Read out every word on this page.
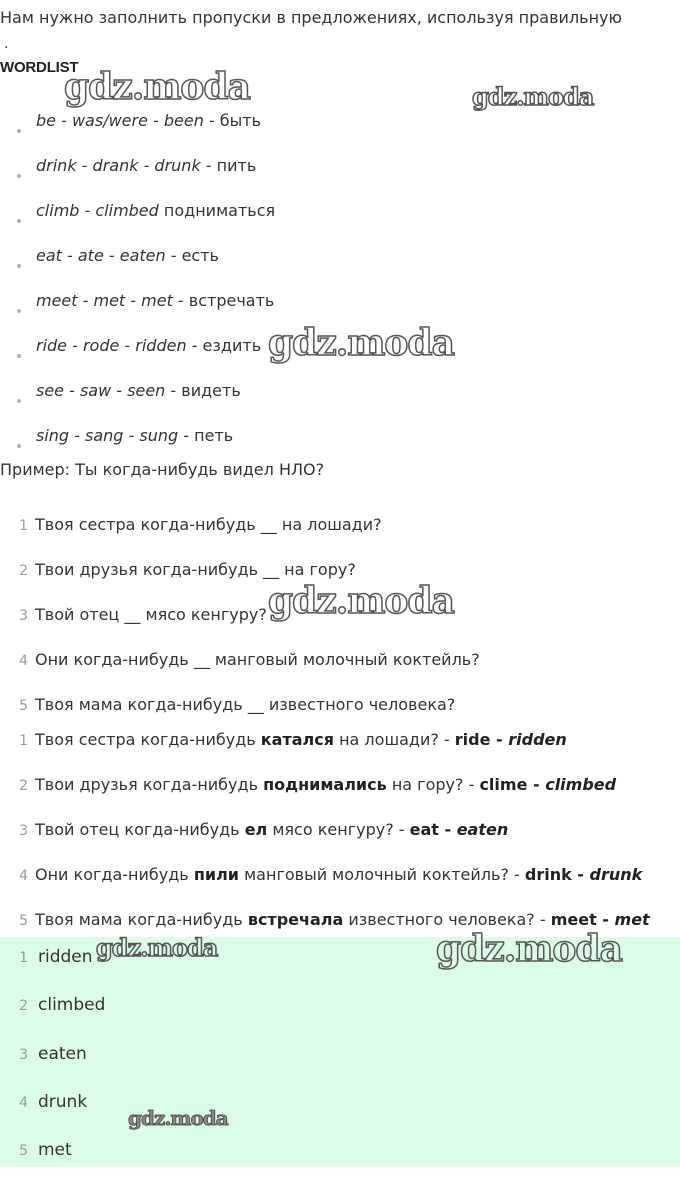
Нам нужно заполнить пропуски в предложениях, используя правильную
.
WORDLIST
be - was/were - been - быть
drink - drank - drunk - пить
climb - climbed подниматься
eat - ate - eaten - есть
meet - met - met - встречать
ride - rode - ridden - ездить
see - saw - seen - видеть
sing - sang - sung - петь
Пример: Ты когда-нибудь видел НЛО?
1 Твоя сестра когда-нибудь __ на лошади?
2 Твои друзья когда-нибудь __ на гору?
3 Твой отец __ мясо кенгуру?
4 Они когда-нибудь __ манговый молочный коктейль?
5 Твоя мама когда-нибудь __ известного человека?
1 Твоя сестра когда-нибудь катался на лошади? - ride - ridden
2 Твои друзья когда-нибудь поднимались на гору? - clime - climbed
3 Твой отец когда-нибудь ел мясо кенгуру? - eat - eaten
4 Они когда-нибудь пили манговый молочный коктейль? - drink - drunk
5 Твоя мама когда-нибудь встречала известного человека? - meet - met
1 ridden
2 climbed
3 eaten
4 drunk
5 met
gdz.moda	gdz.moda
gdz.moda
gdz.moda
gdz.moda	gdz.moda
gdz.moda
